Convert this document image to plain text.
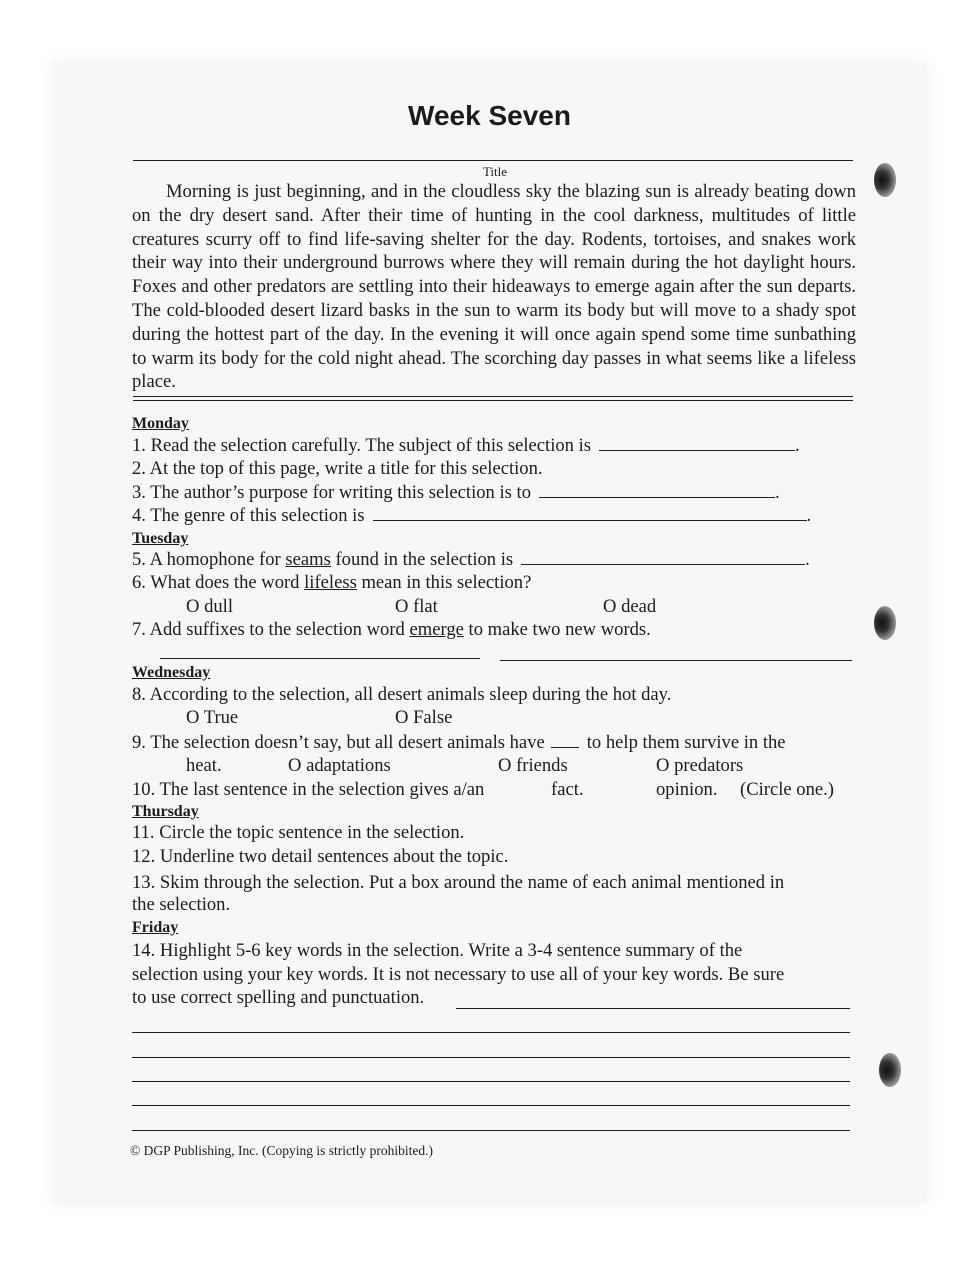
Week Seven
Title

Morning is just beginning, and in the cloudless sky the blazing sun is already beating down on the dry desert sand. After their time of hunting in the cool darkness, multitudes of little creatures scurry off to find life-saving shelter for the day. Rodents, tortoises, and snakes work their way into their underground burrows where they will remain during the hot daylight hours. Foxes and other predators are settling into their hideaways to emerge again after the sun departs. The cold-blooded desert lizard basks in the sun to warm its body but will move to a shady spot during the hottest part of the day. In the evening it will once again spend some time sunbathing to warm its body for the cold night ahead. The scorching day passes in what seems like a lifeless place.

Monday
1. Read the selection carefully. The subject of this selection is	.
2. At the top of this page, write a title for this selection.
3. The author’s purpose for writing this selection is to	.
4. The genre of this selection is	.
Tuesday
5. A homophone for seams found in the selection is	.
6. What does the word lifeless mean in this selection?
O dull	O flat	O dead
7. Add suffixes to the selection word emerge to make two new words.
Wednesday
8. According to the selection, all desert animals sleep during the hot day.
O True	O False
9. The selection doesn’t say, but all desert animals have to help them survive in the
heat.	O adaptations	O friends	O predators
10. The last sentence in the selection gives a/an	fact.	opinion. (Circle one.)
Thursday
11. Circle the topic sentence in the selection.
12. Underline two detail sentences about the topic.
13. Skim through the selection. Put a box around the name of each animal mentioned in
the selection.
Friday
14. Highlight 5-6 key words in the selection. Write a 3-4 sentence summary of the
selection using your key words. It is not necessary to use all of your key words. Be sure
to use correct spelling and punctuation.
© DGP Publishing, Inc. (Copying is strictly prohibited.)
